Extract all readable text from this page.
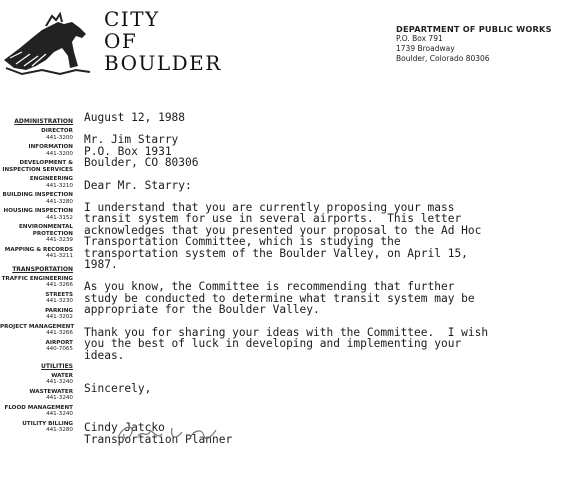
CITY
OF
BOULDER
DEPARTMENT OF PUBLIC WORKS
P.O. Box 791
1739 Broadway
Boulder, Colorado 80306
ADMINISTRATION
DIRECTOR
441-3200
INFORMATION
441-3200
DEVELOPMENT & INSPECTION SERVICES
ENGINEERING
441-3210
BUILDING INSPECTION
441-3280
HOUSING INSPECTION
441-3152
ENVIRONMENTAL PROTECTION
441-3239
MAPPING & RECORDS
441-3211
TRANSPORTATION
TRAFFIC ENGINEERING
441-3266
STREETS
441-3230
PARKING
441-3202
PROJECT MANAGEMENT
441-3266
AIRPORT
440-7065
UTILITIES
WATER
441-3240
WASTEWATER
441-3240
FLOOD MANAGEMENT
441-3240
UTILITY BILLING
441-3280
August 12, 1988
Mr. Jim Starry
P.O. Box 1931
Boulder, CO 80306
Dear Mr. Starry:
I understand that you are currently proposing your mass
transit system for use in several airports.  This letter
acknowledges that you presented your proposal to the Ad Hoc
Transportation Committee, which is studying the
transportation system of the Boulder Valley, on April 15,
1987.
As you know, the Committee is recommending that further
study be conducted to determine what transit system may be
appropriate for the Boulder Valley.
Thank you for sharing your ideas with the Committee.  I wish
you the best of luck in developing and implementing your
ideas.
Sincerely,
Cindy Jatcko
Transportation Planner
